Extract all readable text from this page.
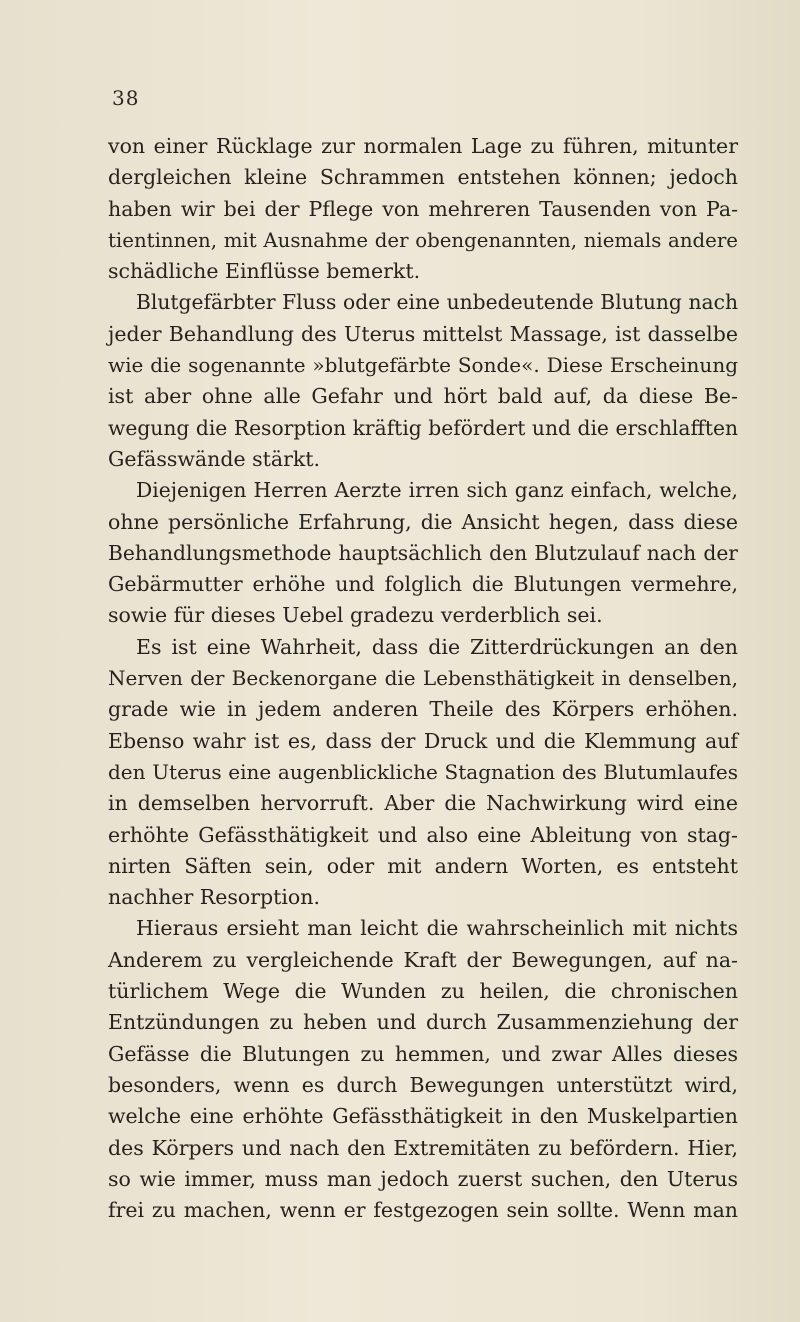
38
von einer Rücklage zur normalen Lage zu führen, mitunter
dergleichen kleine Schrammen entstehen können; jedoch
haben wir bei der Pflege von mehreren Tausenden von Pa-
tientinnen, mit Ausnahme der obengenannten, niemals andere
schädliche Einflüsse bemerkt.
Blutgefärbter Fluss oder eine unbedeutende Blutung nach
jeder Behandlung des Uterus mittelst Massage, ist dasselbe
wie die sogenannte »blutgefärbte Sonde«. Diese Erscheinung
ist aber ohne alle Gefahr und hört bald auf, da diese Be-
wegung die Resorption kräftig befördert und die erschlafften
Gefässwände stärkt.
Diejenigen Herren Aerzte irren sich ganz einfach, welche,
ohne persönliche Erfahrung, die Ansicht hegen, dass diese
Behandlungsmethode hauptsächlich den Blutzulauf nach der
Gebärmutter erhöhe und folglich die Blutungen vermehre,
sowie für dieses Uebel gradezu verderblich sei.
Es ist eine Wahrheit, dass die Zitterdrückungen an den
Nerven der Beckenorgane die Lebensthätigkeit in denselben,
grade wie in jedem anderen Theile des Körpers erhöhen.
Ebenso wahr ist es, dass der Druck und die Klemmung auf
den Uterus eine augenblickliche Stagnation des Blutumlaufes
in demselben hervorruft. Aber die Nachwirkung wird eine
erhöhte Gefässthätigkeit und also eine Ableitung von stag-
nirten Säften sein, oder mit andern Worten, es entsteht
nachher Resorption.
Hieraus ersieht man leicht die wahrscheinlich mit nichts
Anderem zu vergleichende Kraft der Bewegungen, auf na-
türlichem Wege die Wunden zu heilen, die chronischen
Entzündungen zu heben und durch Zusammenziehung der
Gefässe die Blutungen zu hemmen, und zwar Alles dieses
besonders, wenn es durch Bewegungen unterstützt wird,
welche eine erhöhte Gefässthätigkeit in den Muskelpartien
des Körpers und nach den Extremitäten zu befördern. Hier,
so wie immer, muss man jedoch zuerst suchen, den Uterus
frei zu machen, wenn er festgezogen sein sollte. Wenn man
